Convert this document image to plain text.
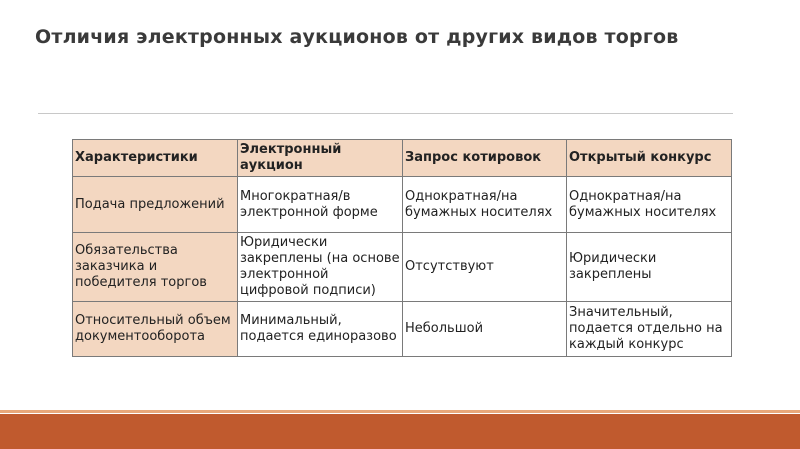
Отличия электронных аукционов от других видов торгов
Характеристики	Электронный аукцион	Запрос котировок	Открытый конкурс
Подача предложений	Многократная/в электронной форме	Однократная/на бумажных носителях	Однократная/на бумажных носителях
Обязательства заказчика и победителя торгов	Юридически закреплены (на основе электронной цифровой подписи)	Отсутствуют	Юридически закреплены
Относительный объем документооборота	Минимальный, подается единоразово	Небольшой	Значительный, подается отдельно на каждый конкурс
